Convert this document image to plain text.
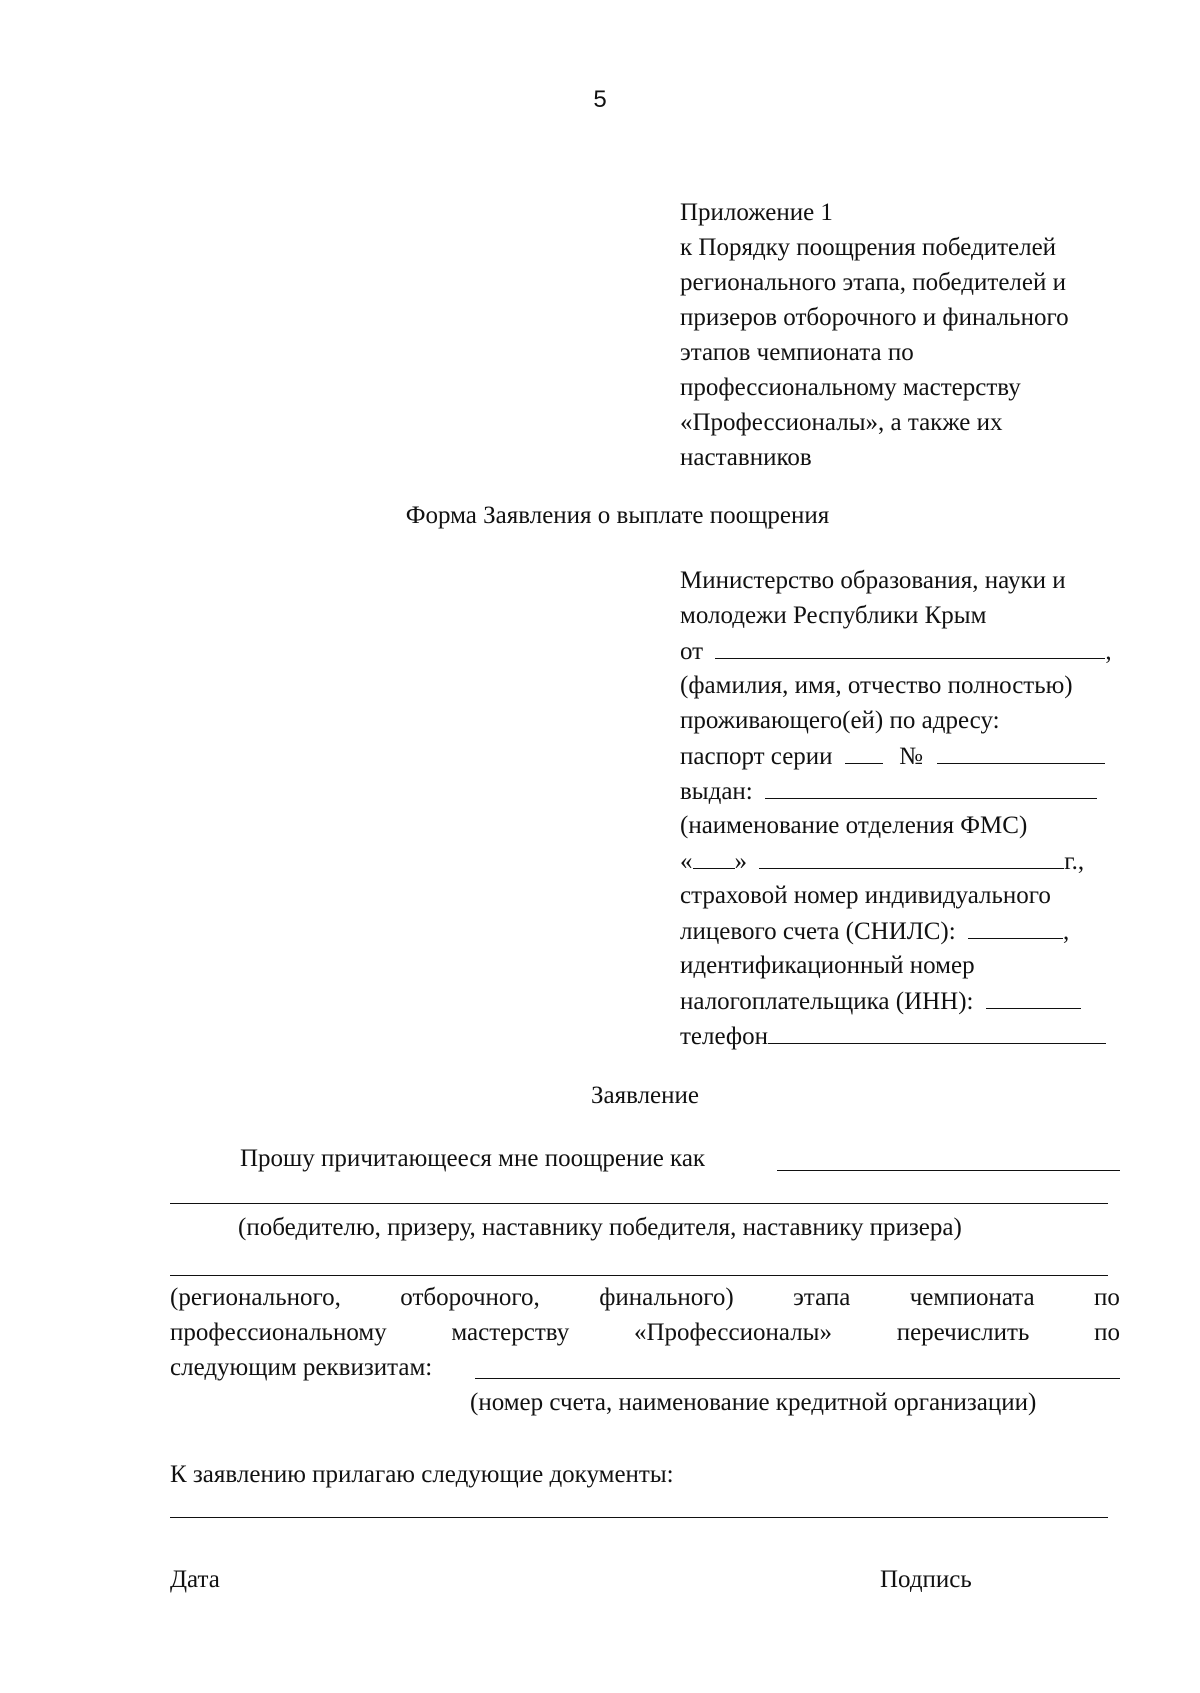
5
Приложение 1
к Порядку поощрения победителей
регионального этапа, победителей и
призеров отборочного и финального
этапов чемпионата по
профессиональному мастерству
«Профессионалы», а также их
наставников
Форма Заявления о выплате поощрения
Министерство образования, науки и
молодежи Республики Крым
от	,
(фамилия, имя, отчество полностью)
проживающего(ей) по адресу:
паспорт серии	№
выдан:
(наименование отделения ФМС)
« »	г.,
страховой номер индивидуального
лицевого счета (СНИЛС):	,
идентификационный номер
налогоплательщика (ИНН):
телефон
Заявление
Прошу причитающееся мне поощрение как
(победителю, призеру, наставнику победителя, наставнику призера)
(регионального, отборочного, финального) этапа чемпионата по
профессиональному	мастерству	«Профессионалы»	перечислить	по
следующим реквизитам:
(номер счета, наименование кредитной организации)
К заявлению прилагаю следующие документы:
Дата	Подпись
